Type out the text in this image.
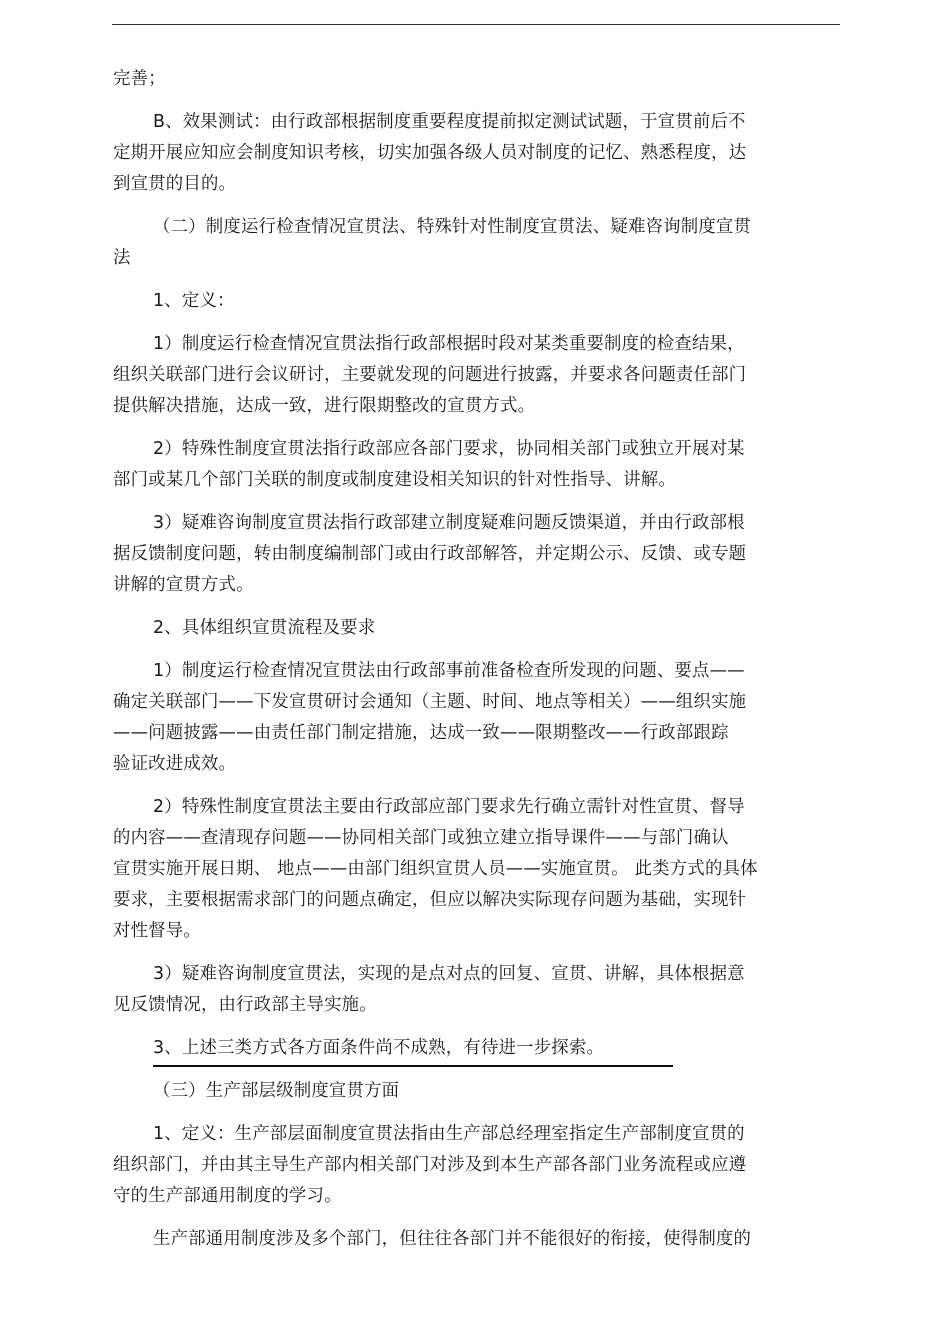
完善；
B、效果测试：由行政部根据制度重要程度提前拟定测试试题，于宣贯前后不
定期开展应知应会制度知识考核，切实加强各级人员对制度的记忆、熟悉程度，达
到宣贯的目的。
（二）制度运行检查情况宣贯法、特殊针对性制度宣贯法、疑难咨询制度宣贯
法
1、定义：
1）制度运行检查情况宣贯法指行政部根据时段对某类重要制度的检查结果，
组织关联部门进行会议研讨，主要就发现的问题进行披露，并要求各问题责任部门
提供解决措施，达成一致，进行限期整改的宣贯方式。
2）特殊性制度宣贯法指行政部应各部门要求，协同相关部门或独立开展对某
部门或某几个部门关联的制度或制度建设相关知识的针对性指导、讲解。
3）疑难咨询制度宣贯法指行政部建立制度疑难问题反馈渠道，并由行政部根
据反馈制度问题，转由制度编制部门或由行政部解答，并定期公示、反馈、或专题
讲解的宣贯方式。
2、具体组织宣贯流程及要求
1）制度运行检查情况宣贯法由行政部事前准备检查所发现的问题、要点——
确定关联部门——下发宣贯研讨会通知（主题、时间、地点等相关）——组织实施
——问题披露——由责任部门制定措施，达成一致——限期整改——行政部跟踪
验证改进成效。
2）特殊性制度宣贯法主要由行政部应部门要求先行确立需针对性宣贯、督导
的内容——查清现存问题——协同相关部门或独立建立指导课件——与部门确认
宣贯实施开展日期、 地点——由部门组织宣贯人员——实施宣贯。 此类方式的具体
要求，主要根据需求部门的问题点确定，但应以解决实际现存问题为基础，实现针
对性督导。
3）疑难咨询制度宣贯法，实现的是点对点的回复、宣贯、讲解，具体根据意
见反馈情况，由行政部主导实施。
3、上述三类方式各方面条件尚不成熟，有待进一步探索。
（三）生产部层级制度宣贯方面
1、定义：生产部层面制度宣贯法指由生产部总经理室指定生产部制度宣贯的
组织部门，并由其主导生产部内相关部门对涉及到本生产部各部门业务流程或应遵
守的生产部通用制度的学习。
生产部通用制度涉及多个部门，但往往各部门并不能很好的衔接，使得制度的
